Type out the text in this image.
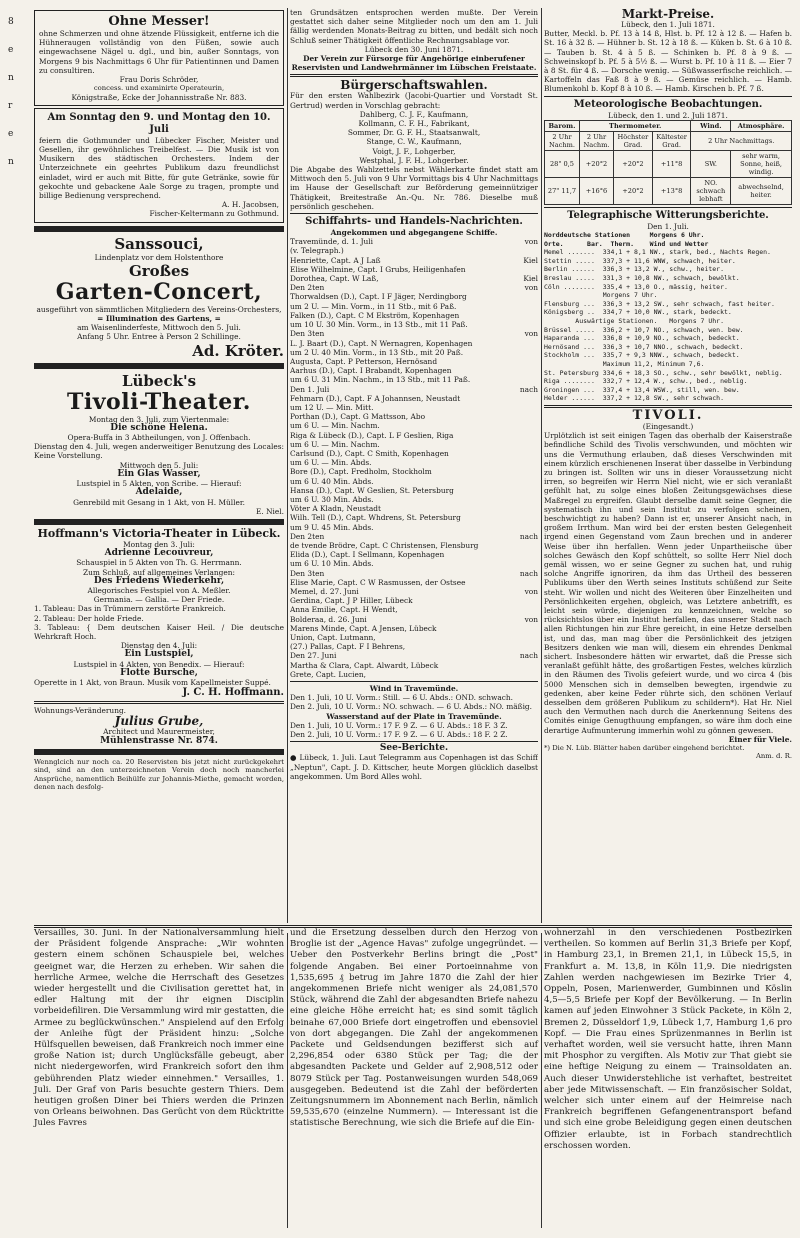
8
e
n
r
e
n
Ohne Messer!
ohne Schmerzen und ohne ätzende Flüssigkeit, entferne ich die Hühneraugen vollständig von den Füßen, sowie auch eingewachsene Nägel u. dgl., und bin, außer Sonntags, von Morgens 9 bis Nachmittags 6 Uhr für Patientinnen und Damen zu consultiren.
Frau Doris Schröder,
concess. und examinirte Operateurin,
Königstraße, Ecke der Johannisstraße Nr. 883.
Am Sonntag den 9. und Montag den 10. Juli
feiern die Gothmunder und Lübecker Fischer, Meister und Gesellen, ihr gewöhnliches Treibelfest. — Die Musik ist von Musikern des städtischen Orchesters. Indem der Unterzeichnete ein geehrtes Publikum dazu freundlichst einladet, wird er auch mit Bitte, für gute Getränke, sowie für gekochte und gebackene Aale Sorge zu tragen, prompte und billige Bedienung versprechend.
A. H. Jacobsen,
Fischer-Keltermann zu Gothmund.
Sanssouci,
Lindenplatz vor dem Holstenthore
Großes
Garten-Concert,
ausgeführt von sämmtlichen Mitgliedern des Vereins-Orchesters,
= Illumination des Gartens, =
am Waisenlinderfeste, Mittwoch den 5. Juli.
Anfang 5 Uhr. Entree à Person 2 Schillinge.
Ad. Kröter.
Lübeck's
Tivoli-Theater.
Montag den 3. Juli, zum Viertenmale:
Die schöne Helena.
Opera-Buffa in 3 Abtheilungen, von J. Offenbach.
Dienstag den 4. Juli, wegen anderweitiger Benutzung des Locales: Keine Vorstellung.
Mittwoch den 5. Juli:
Ein Glas Wasser,
Lustspiel in 5 Akten, von Scribe. — Hierauf:
Adelaide,
Genrebild mit Gesang in 1 Akt, von H. Müller.
E. Niel.
Hoffmann's Victoria-Theater in Lübeck.
Montag den 3. Juli:
Adrienne Lecouvreur,
Schauspiel in 5 Akten von Th. G. Herrmann.
Zum Schluß, auf allgemeines Verlangen:
Des Friedens Wiederkehr,
Allegorisches Festspiel von A. Meßler.
Germania. — Gallia. — Der Friede.
1. Tableau: Das in Trümmern zerstörte Frankreich.
2. Tableau: Der holde Friede.
3. Tableau: { Dem deutschen Kaiser Heil. / Die deutsche Wehrkraft Hoch.
Dienstag den 4. Juli:
Ein Lustspiel,
Lustspiel in 4 Akten, von Benedix. — Hierauf:
Flotte Bursche,
Operette in 1 Akt, von Braun. Musik vom Kapellmeister Suppé.
J. C. H. Hoffmann.
Wohnungs-Veränderung.
Julius Grube,
Architect und Maurermeister,
Mühlenstrasse Nr. 874.
Wennglcich nur noch ca. 20 Reservisten bis jetzt nicht zurückgekehrt sind, sind an den unterzeichneten Verein doch noch mancherlei Ansprüche, namentlich Beihülfe zur Johannis-Miethe, gemacht worden, denen nach desfolg-
ten Grundsätzen entsprochen werden mußte. Der Verein gestattet sich daher seine Mitglieder noch um den am 1. Juli fällig werdenden Monats-Beitrag zu bitten, und bedält sich noch Schluß seiner Thätigkeit öffentliche Rechnungsablage vor.
Lübeck den 30. Juni 1871.
Der Verein zur Fürsorge für Angehörige einberufener Reservisten und Landwehrmänner im Lübschen Freistaate.
Bürgerschaftswahlen.
Für den ersten Wahlbezirk (Jacobi-Quartier und Vorstadt St. Gertrud) werden in Vorschlag gebracht:
Dahlberg, C. J. F., Kaufmann,
Kollmann, C. F. H., Fabrikant,
Sommer, Dr. G. F. H., Staatsanwalt,
Stange, C. W., Kaufmann,
Voigt, J. F., Lohgerber,
Westphal, J. F. H., Lohgerber.
Die Abgabe des Wahlzettels nebst Wählerkarte findet statt am Mittwoch den 5. Juli von 9 Uhr Vormittags bis 4 Uhr Nachmittags im Hause der Gesellschaft zur Beförderung gemeinnütziger Thätigkeit, Breitestraße An.-Qu. Nr. 786. Dieselbe muß persönlich geschehen.
Schiffahrts- und Handels-Nachrichten.
Angekommen und abgegangene Schiffe.
Travemünde, d. 1. Juli	von
(v. Telegraph.)
Henriette, Capt. A J Laß	Kiel
Elise Wilhelmine, Capt. I Grubs, Heiligenhafen
Dorothea, Capt. W Laß,	Kiel
Den 2ten	von
Thorwaldsen (D.), Capt. I F Jäger, Nerdingborg
um 2 U. — Min. Vorm., in 11 Stb., mit 6 Paß.
Falken (D.), Capt. C M Ekström, Kopenhagen
um 10 U. 30 Min. Vorm., in 13 Stb., mit 11 Paß.
Den 3ten	von
L. J. Baart (D.), Capt. N Wernagren, Kopenhagen
um 2 U. 40 Min. Vorm., in 13 Stb., mit 20 Paß.
Augusta, Capt. P Petterson, Hernösand
Aarhus (D.), Capt. I Brabandt, Kopenhagen
um 6 U. 31 Min. Nachm., in 13 Stb., mit 11 Paß.
Den 1. Juli	nach
Fehmarn (D.), Capt. F A Johannsen, Neustadt
um 12 U. — Min. Mitt.
Porthan (D.), Capt. G Mattsson, Abo
um 6 U. — Min. Nachm.
Riga & Lübeck (D.), Capt. L F Geslien, Riga
um 6 U. — Min. Nachm.
Carlsund (D.), Capt. C Smith, Kopenhagen
um 6 U. — Min. Abds.
Bore (D.), Capt. Fredholm, Stockholm
um 6 U. 40 Min. Abds.
Hansa (D.), Capt. W Geslien, St. Petersburg
um 6 U. 30 Min. Abds.
Vöter A Kladn, Neustadt
Wilh. Tell (D.), Capt. Whdrens, St. Petersburg
um 9 U. 45 Min. Abds.
Den 2ten	nach
de tvende Brödre, Capt. C Christensen, Flensburg
Elida (D.), Capt. I Sellmann, Kopenhagen
um 6 U. 10 Min. Abds.
Den 3ten	nach
Elise Marie, Capt. C W Rasmussen, der Ostsee
Memel, d. 27. Juni	von
Gerdina, Capt. J P Hiller, Lübeck
Anna Emilie, Capt. H Wendt,
Bolderaa, d. 26. Juni	von
Marens Minde, Capt. A Jensen, Lübeck
Union, Capt. Lutmann,
(27.) Pallas, Capt. F I Behrens,
Den 27. Juni	nach
Martha & Clara, Capt. Alwardt, Lübeck
Grete, Capt. Lucien,
Wind in Travemünde.
Den 1. Juli, 10 U. Vorm.: Still. — 6 U. Abds.: OND. schwach.
Den 2. Juli, 10 U. Vorm.: NO. schwach. — 6 U. Abds.: NO. mäßig.
Wasserstand auf der Plate in Travemünde.
Den 1. Juli, 10 U. Vorm.: 17 F. 9 Z. — 6 U. Abds.: 18 F. 3 Z.
Den 2. Juli, 10 U. Vorm.: 17 F. 9 Z. — 6 U. Abds.: 18 F. 2 Z.
See-Berichte.
● Lübeck, 1. Juli. Laut Telegramm aus Copenhagen ist das Schiff „Neptun", Capt. J. D. Kittscher, heute Morgen glücklich daselbst angekommen. Um Bord Alles wohl.
Markt-Preise.
Lübeck, den 1. Juli 1871.
Butter, Meckl. b. Pf. 13 à 14 ß, Hlst. b. Pf. 12 à 12 ß. — Hafen b. St. 16 à 32 ß. — Hühner b. St. 12 à 18 ß. — Küken b. St. 6 à 10 ß. — Tauben b. St. 4 à 5 ß. — Schinken b. Pf. 8 à 9 ß. — Schweinskopf b. Pf. 5 à 5½ ß. — Wurst b. Pf. 10 à 11 ß. — Eier 7 à 8 St. für 4 ß. — Dorsche wenig. — Süßwasserfische reichlich. — Kartoffeln das Faß 8 à 9 ß. — Gemüse reichlich. — Hamb. Blumenkohl b. Kopf 8 à 10 ß. — Hamb. Kirschen b. Pf. 7 ß.
Meteorologische Beobachtungen.
Lübeck, den 1. und 2. Juli 1871.
Barom.	Thermometer.			Wind.	Atmosphäre.
2 Uhr Nachm.	2 Uhr Nachm.	Höchster Grad.	Kältester Grad.	2 Uhr Nachmittags.	
28" 0,5	+20°2	+20°2	+11°8	SW.	sehr warm, Sonne, heiß, windig.
27" 11,7	+16°6	+20°2	+13°8	NO. schwach lebhaft	abwechselnd, heiter.
Telegraphische Witterungsberichte.
Den 1. Juli.
Norddeutsche Stationen     Morgens 6 Uhr.
Orte.      Bar.  Therm.    Wind und Wetter
Memel .......  334,1 + 8,1 NW., stark, bed., Nachts Regen.
Stettin .....  337,3 + 11,6 WNW, schwach, heiter.
Berlin ......  336,3 + 13,2 W., schw., heiter.
Breslau .....  331,3 + 10,8 NW., schwach, bewölkt.
Cöln ........  335,4 + 13,0 O., mässig, heiter.
Morgens 7 Uhr.
Flensburg ...  336,3 + 13,2 SW., sehr schwach, fast heiter.
Königsberg ..  334,7 + 10,0 NW., stark, bedeckt.
Auswärtige Stationen.   Morgens 7 Uhr.
Brüssel .....  336,2 + 10,7 NO., schwach, wen. bew.
Haparanda ...  336,8 + 10,9 NO., schwach, bedeckt.
Hernösand ...  336,3 + 10,7 NNO., schwach, bedeckt.
Stockholm ...  335,7 + 9,3 NNW., schwach, bedeckt.
Maximum 11,2, Minimum 7,6.
St. Petersburg 334,6 + 18,3 SO., schw., sehr bewölkt, neblig.
Riga ........  332,7 + 12,4 W., schw., bed., neblig.
Groningen ...  337,4 + 13,4 WSW., still, wen. bew.
Helder ......  337,2 + 12,8 SW., sehr schwach.
TIVOLI.
(Eingesandt.)
Urplötzlich ist seit einigen Tagen das oberhalb der Kaiserstraße befindliche Schild des Tivolis verschwunden, und möchten wir uns die Vermuthung erlauben, daß dieses Verschwinden mit einem kürzlich erschienenen Inserat über dasselbe in Verbindung zu bringen ist. Sollten wir uns in dieser Voraussetzung nicht irren, so begreifen wir Herrn Niel nicht, wie er sich veranlaßt gefühlt hat, zu solge eines bloßen Zeitungsgewächses diese Maßregel zu ergreifen. Glaubt derselbe damit seine Gegner, die systematisch ihn und sein Institut zu verfolgen scheinen, beschwichtigt zu haben? Dann ist er, unserer Ansicht nach, in großem Irrthum. Man wird bei der ersten besten Gelegenheit irgend einen Gegenstand vom Zaun brechen und in anderer Weise über ihn herfallen. Wenn jeder Unpartheiische über solches Gewäsch den Kopf schüttelt, so sollte Herr Niel doch gemäl wissen, wo er seine Gegner zu suchen hat, und ruhig solche Angriffe ignoriren, da ihm das Urtheil des besseren Publikums über den Werth seines Instituts schüßend zur Seite steht. Wir wollen und nicht des Weiteren über Einzelheiten und Persönlichkeiten ergehen, obgleich, was Letztere anbetrifft, es leicht sein würde, diejenigen zu kennzeichnen, welche so rücksichtslos über ein Institut herfallen, das unserer Stadt nach allen Richtungen hin zur Ehre gereicht, in eine Hetze derselben ist, und das, man mag über die Persönlichkeit des jetzigen Besitzers denken wie man will, diesem ein ehrendes Denkmal sichert. Insbesondere hätten wir erwartet, daß die Presse sich veranlaßt gefühlt hätte, des großartigen Festes, welches kürzlich in den Räumen des Tivolis gefeiert wurde, und wo circa 4 (bis 5000 Menschen sich in demselben bewegten, irgendwie zu gedenken, aber keine Feder rührte sich, den schönen Verlauf desselben dem größeren Publikum zu schildern*). Hat Hr. Niel auch den Vermuthen nach durch die Anerkennung Seitens des Comités einige Genugthuung empfangen, so wäre ihm doch eine derartige Aufmunterung immerhin wohl zu gönnen gewesen.
Einer für Viele.
*) Die N. Lüb. Blätter haben darüber eingehend berichtet.
Anm. d. R.
Versailles, 30. Juni. In der Nationalversammlung hielt der Präsident folgende Ansprache: „Wir wohnten gestern einem schönen Schauspiele bei, welches geeignet war, die Herzen zu erheben. Wir sahen die herrliche Armee, welche die Herrschaft des Gesetzes wieder hergestellt und die Civilisation gerettet hat, in edler Haltung mit der ihr eignen Disciplin vorbeidefiliren. Die Versammlung wird mir gestatten, die Armee zu beglückwünschen." Anspielend auf den Erfolg der Anleihe fügt der Präsident hinzu: „Solche Hülfsquellen beweisen, daß Frankreich noch immer eine große Nation ist; durch Unglücksfälle gebeugt, aber nicht niedergeworfen, wird Frankreich sofort den ihm gebührenden Platz wieder einnehmen." Versailles, 1. Juli. Der Graf von Paris besuchte gestern Thiers. Dem heutigen großen Diner bei Thiers werden die Prinzen von Orleans beiwohnen. Das Gerücht von dem Rücktritte Jules Favres
und die Ersetzung desselben durch den Herzog von Broglie ist der „Agence Havas" zufolge ungegründet. — Ueber den Postverkehr Berlins bringt die „Post" folgende Angaben. Bei einer Portoeinnahme von 1,535,695 ₰ betrug im Jahre 1870 die Zahl der hier angekommenen Briefe nicht weniger als 24,081,570 Stück, während die Zahl der abgesandten Briefe nahezu eine gleiche Höhe erreicht hat; es sind somit täglich beinahe 67,000 Briefe dort eingetroffen und ebensoviel von dort abgegangen. Die Zahl der angekommenen Packete und Geldsendungen bezifferst sich auf 2,296,854 oder 6380 Stück per Tag; die der abgesandten Packete und Gelder auf 2,908,512 oder 8079 Stück per Tag. Postanweisungen wurden 548,069 ausgegeben. Bedeutend ist die Zahl der beförderten Zeitungsnummern im Abonnement nach Berlin, nämlich 59,535,670 (einzelne Nummern). — Interessant ist die statistische Berechnung, wie sich die Briefe auf die Ein-
wohnerzahl in den verschiedenen Postbezirken vertheilen. So kommen auf Berlin 31,3 Briefe per Kopf, in Hamburg 23,1, in Bremen 21,1, in Lübeck 15,5, in Frankfurt a. M. 13,8, in Köln 11,9. Die niedrigsten Zahlen werden nachgewiesen im Bezirke Trier 4, Oppeln, Posen, Marienwerder, Gumbinnen und Köslin 4,5—5,5 Briefe per Kopf der Bevölkerung. — In Berlin kamen auf jeden Einwohner 3 Stück Packete, in Köln 2, Bremen 2, Düsseldorf 1,9, Lübeck 1,7, Hamburg 1,6 pro Kopf. — Die Frau eines Sprüzenmannes in Berlin ist verhaftet worden, weil sie versucht hatte, ihren Mann mit Phosphor zu vergiften. Als Motiv zur That giebt sie eine heftige Neigung zu einem — Trainsoldaten an. Auch dieser Unwiderstehliche ist verhaftet, bestreitet aber jede Mitwissenschaft. — Ein französischer Soldat, welcher sich unter einem auf der Heimreise nach Frankreich begriffenen Gefangenentransport befand und sich eine grobe Beleidigung gegen einen deutschen Offizier erlaubte, ist in Forbach standrechtlich erschossen worden.
